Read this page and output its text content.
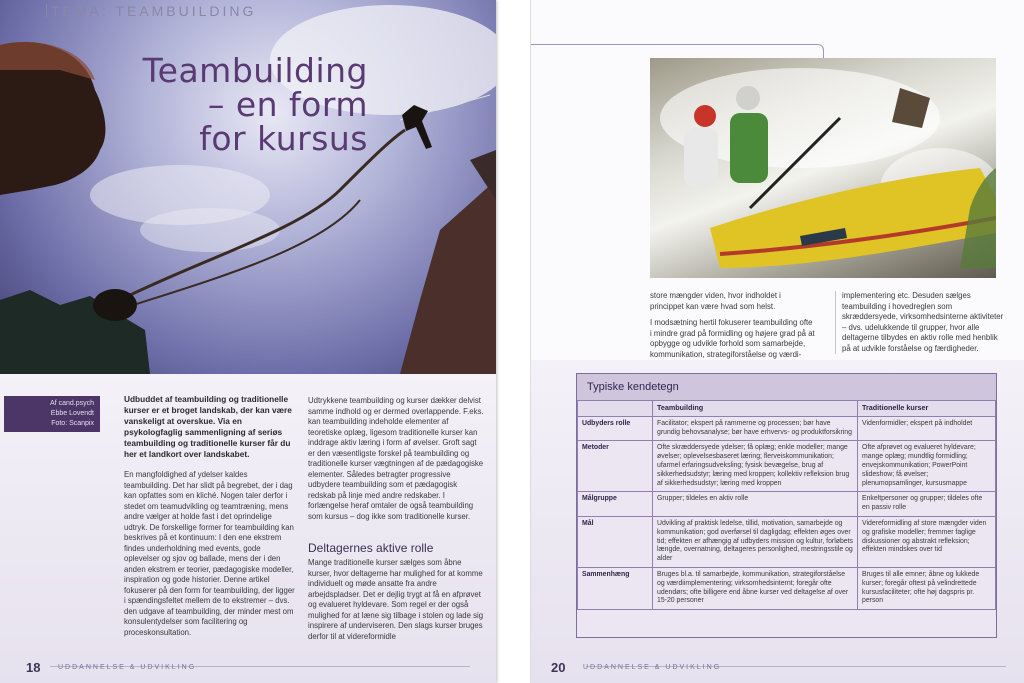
TEMA: TEAMBUILDING
Teambuilding
– en form
for kursus
Af cand.psych
Ebbe Lovendt
Foto: Scanpix
Udbuddet af teambuilding og traditionelle kurser er et broget landskab, der kan være vanskeligt at overskue. Via en psykologfaglig sammenligning af seriøs teambuilding og traditionelle kurser får du her et landkort over landskabet.
En mangfoldighed af ydelser kaldes teambuilding. Det har slidt på begrebet, der i dag kan opfattes som en kliché. Nogen taler derfor i stedet om teamudvikling og teamtræning, mens andre vælger at holde fast i det oprindelige udtryk. De forskellige former for teambuilding kan beskrives på et kontinuum: I den ene ekstrem findes underholdning med events, gode oplevelser og sjov og ballade, mens der i den anden ekstrem er teorier, pædagogiske modeller, inspiration og gode historier. Denne artikel fokuserer på den form for teambuilding, der ligger i spændingsfeltet mellem de to ekstremer – dvs. den udgave af teambuilding, der minder mest om konsulentydelser som facilitering og proceskonsultation.
Udtrykkene teambuilding og kurser dækker delvist samme indhold og er dermed overlappende. F.eks. kan teambuilding indeholde elementer af teoretiske oplæg, ligesom traditionelle kurser kan inddrage aktiv læring i form af øvelser. Groft sagt er den væsentligste forskel på teambuilding og traditionelle kurser vægtningen af de pædagogiske elementer. Således betragter progressive udbydere teambuilding som et pædagogisk redskab på linje med andre redskaber. I forlængelse heraf omtaler de også teambuilding som kursus – dog ikke som traditionelle kurser.
Deltagernes aktive rolle
Mange traditionelle kurser sælges som åbne kurser, hvor deltagerne har mulighed for at komme individuelt og møde ansatte fra andre arbejdspladser. Det er dejlig trygt at få en afprøvet og evalueret hyldevare. Som regel er der også mulighed for at læne sig tilbage i stolen og lade sig inspirere af underviseren. Den slags kurser bruges derfor til at videreformidle
18	UDDANNELSE & UDVIKLING
store mængder viden, hvor indholdet i princippet kan være hvad som helst.
I modsætning hertil fokuserer teambuilding ofte i mindre grad på formidling og højere grad på at opbygge og udvikle forhold som samarbejde, kommunikation, strategiforståelse og værdi-
implementering etc. Desuden sælges teambuilding i hovedreglen som skræddersyede, virksomhedsinterne aktiviteter – dvs. udelukkende til grupper, hvor alle deltagerne tilbydes en aktiv rolle med henblik på at udvikle forståelse og færdigheder.
Typiske kendetegn
	Teambuilding	Traditionelle kurser
Udbyders rolle	Facilitator; ekspert på rammerne og processen; bør have grundig behovsanalyse; bør have erhvervs- og produktforsikring	Videnformidler; ekspert på indholdet
Metoder	Ofte skræddersyede ydelser; få oplæg; enkle modeller; mange øvelser; oplevelsesbaseret læring; flerveiskommunikation; ufarmel erfaringsudveksling; fysisk bevægelse, brug af sikkerhedsudstyr; læring med kroppen; kollektiv refleksion brug af sikkerhedsudstyr; læring med kroppen	Ofte afprøvet og evalueret hyldevare; mange oplæg; mundtlig formidling; envejskommunikation; PowerPoint slideshow; få øvelser; plenumopsamlinger, kursusmappe
Målgruppe	Grupper; tildeles en aktiv rolle	Enkeltpersoner og grupper; tildeles ofte en passiv rolle
Mål	Udvikling af praktisk ledelse, tillid, motivation, samarbejde og kommunikation; god overførsel til dagligdag; effekten øges over tid; effekten er afhængig af udbyders mission og kultur, forløbets længde, overnatning, deltageres personlighed, mestringsstile og alder	Videreformidling af store mængder viden og grafiske modeller; fremmer faglige diskussioner og abstrakt refleksion; effekten mindskes over tid
Sammenhæng	Bruges bl.a. til samarbejde, kommunikation, strategiforståelse og værdiimplementering; virksomhedsinternt; foregår ofte udendørs; ofte billigere end åbne kurser ved deltagelse af over 15-20 personer	Bruges til alle emner; åbne og lukkede kurser; foregår oftest på velindrettede kursusfaciliteter; ofte høj dagspris pr. person
20	UDDANNELSE & UDVIKLING
